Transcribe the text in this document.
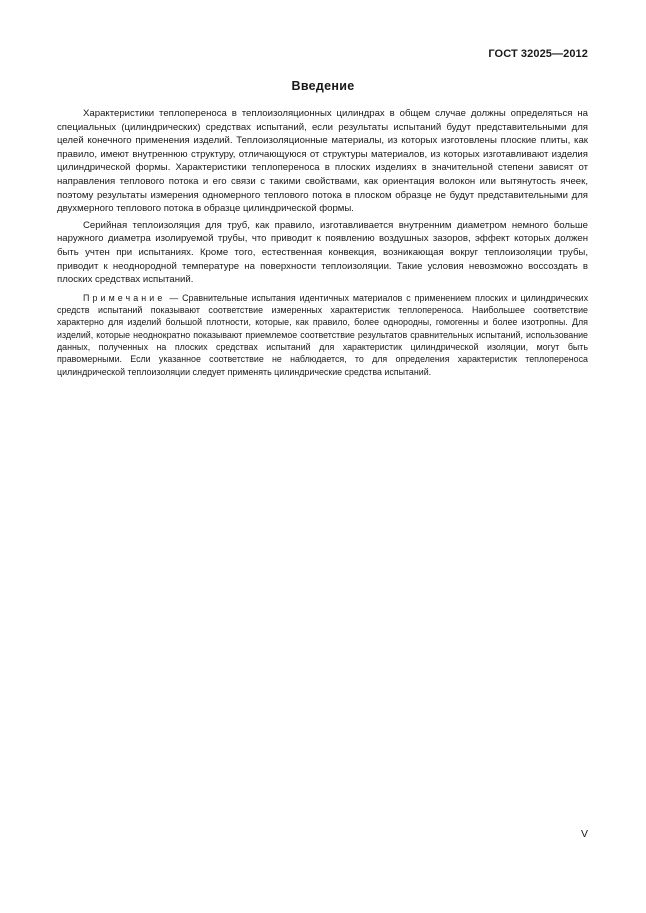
ГОСТ 32025—2012
Введение

Характеристики теплопереноса в теплоизоляционных цилиндрах в общем случае должны определяться на специальных (цилиндрических) средствах испытаний, если результаты испытаний будут представительными для целей конечного применения изделий. Теплоизоляционные материалы, из которых изготовлены плоские плиты, как правило, имеют внутреннюю структуру, отличающуюся от структуры материалов, из которых изготавливают изделия цилиндрической формы. Характеристики теплопереноса в плоских изделиях в значительной степени зависят от направления теплового потока и его связи с такими свойствами, как ориентация волокон или вытянутость ячеек, поэтому результаты измерения одномерного теплового потока в плоском образце не будут представительными для двухмерного теплового потока в образце цилиндрической формы.

Серийная теплоизоляция для труб, как правило, изготавливается внутренним диаметром немного больше наружного диаметра изолируемой трубы, что приводит к появлению воздушных зазоров, эффект которых должен быть учтен при испытаниях. Кроме того, естественная конвекция, возникающая вокруг теплоизоляции трубы, приводит к неоднородной температуре на поверхности теплоизоляции. Такие условия невозможно воссоздать в плоских средствах испытаний.

Примечание — Сравнительные испытания идентичных материалов с применением плоских и цилиндрических средств испытаний показывают соответствие измеренных характеристик теплопереноса. Наибольшее соответствие характерно для изделий большой плотности, которые, как правило, более однородны, гомогенны и более изотропны. Для изделий, которые неоднократно показывают приемлемое соответствие результатов сравнительных испытаний, использование данных, полученных на плоских средствах испытаний для характеристик цилиндрической изоляции, могут быть правомерными. Если указанное соответствие не наблюдается, то для определения характеристик теплопереноса цилиндрической теплоизоляции следует применять цилиндрические средства испытаний.
V
